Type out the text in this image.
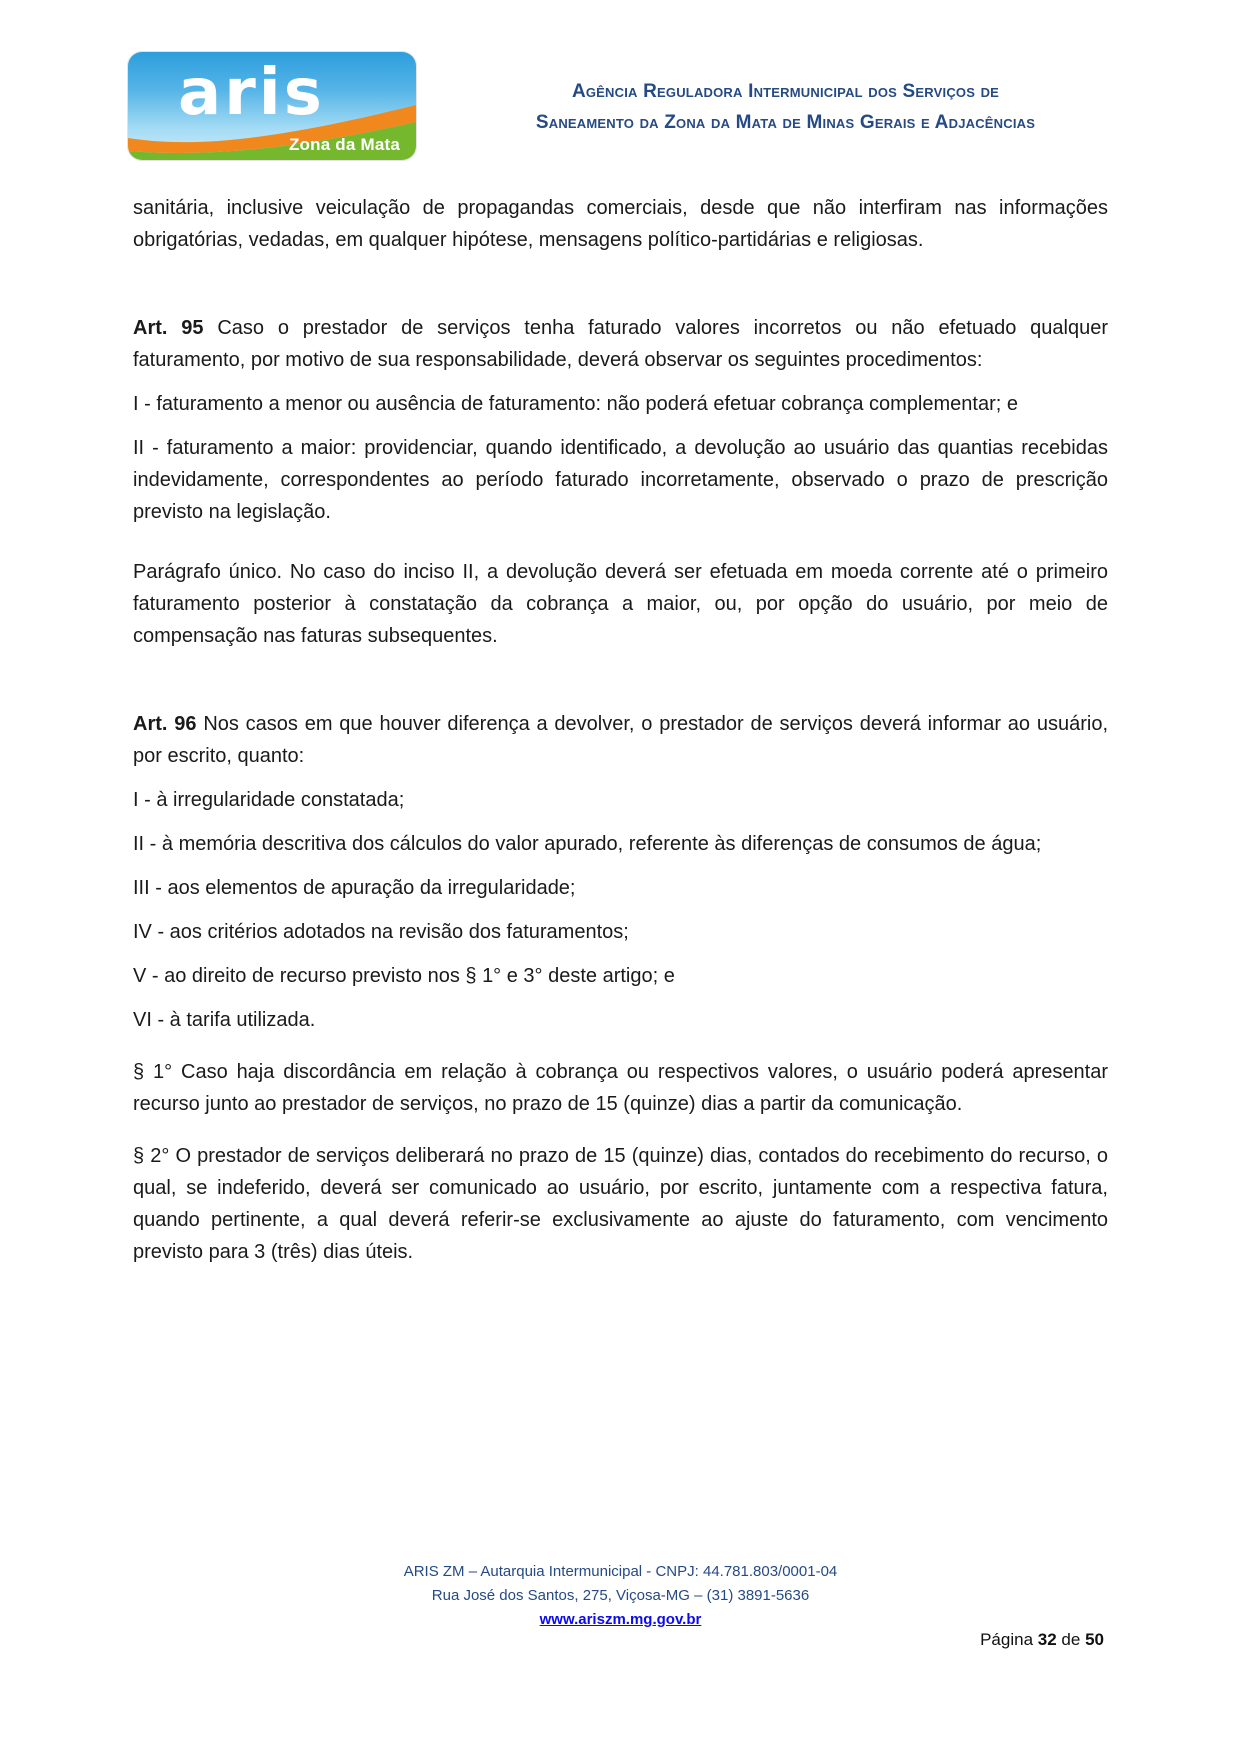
aris
Zona da Mata
Agência Reguladora Intermunicipal dos Serviços de
Saneamento da Zona da Mata de Minas Gerais e Adjacências

sanitária, inclusive veiculação de propagandas comerciais, desde que não interfiram nas informações obrigatórias, vedadas, em qualquer hipótese, mensagens político-partidárias e religiosas.

Art. 95 Caso o prestador de serviços tenha faturado valores incorretos ou não efetuado qualquer faturamento, por motivo de sua responsabilidade, deverá observar os seguintes procedimentos:

I - faturamento a menor ou ausência de faturamento: não poderá efetuar cobrança complementar; e

II - faturamento a maior: providenciar, quando identificado, a devolução ao usuário das quantias recebidas indevidamente, correspondentes ao período faturado incorretamente, observado o prazo de prescrição previsto na legislação.

Parágrafo único. No caso do inciso II, a devolução deverá ser efetuada em moeda corrente até o primeiro faturamento posterior à constatação da cobrança a maior, ou, por opção do usuário, por meio de compensação nas faturas subsequentes.

Art. 96 Nos casos em que houver diferença a devolver, o prestador de serviços deverá informar ao usuário, por escrito, quanto:

I - à irregularidade constatada;

II - à memória descritiva dos cálculos do valor apurado, referente às diferenças de consumos de água;

III - aos elementos de apuração da irregularidade;

IV - aos critérios adotados na revisão dos faturamentos;

V - ao direito de recurso previsto nos § 1° e 3° deste artigo; e

VI - à tarifa utilizada.

§ 1° Caso haja discordância em relação à cobrança ou respectivos valores, o usuário poderá apresentar recurso junto ao prestador de serviços, no prazo de 15 (quinze) dias a partir da comunicação.

§ 2° O prestador de serviços deliberará no prazo de 15 (quinze) dias, contados do recebimento do recurso, o qual, se indeferido, deverá ser comunicado ao usuário, por escrito, juntamente com a respectiva fatura, quando pertinente, a qual deverá referir-se exclusivamente ao ajuste do faturamento, com vencimento previsto para 3 (três) dias úteis.

ARIS ZM – Autarquia Intermunicipal - CNPJ: 44.781.803/0001-04
Rua José dos Santos, 275, Viçosa-MG – (31) 3891-5636
www.ariszm.mg.gov.br
Página 32 de 50
